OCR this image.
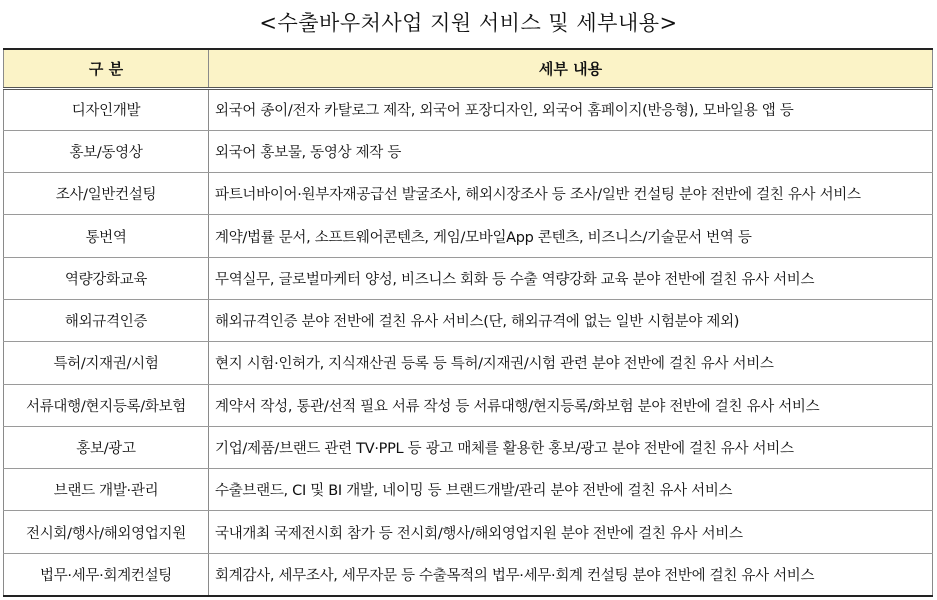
<수출바우처사업 지원 서비스 및 세부내용>
구 분	세부 내용
디자인개발	외국어 종이/전자 카탈로그 제작, 외국어 포장디자인, 외국어 홈페이지(반응형), 모바일용 앱 등
홍보/동영상	외국어 홍보물, 동영상 제작 등
조사/일반컨설팅	파트너바이어·원부자재공급선 발굴조사, 해외시장조사 등 조사/일반 컨설팅 분야 전반에 걸친 유사 서비스
통번역	계약/법률 문서, 소프트웨어콘텐츠, 게임/모바일App 콘텐츠, 비즈니스/기술문서 번역 등
역량강화교육	무역실무, 글로벌마케터 양성, 비즈니스 회화 등 수출 역량강화 교육 분야 전반에 걸친 유사 서비스
해외규격인증	해외규격인증 분야 전반에 걸친 유사 서비스(단, 해외규격에 없는 일반 시험분야 제외)
특허/지재권/시험	현지 시험·인허가, 지식재산권 등록 등 특허/지재권/시험 관련 분야 전반에 걸친 유사 서비스
서류대행/현지등록/화보험	계약서 작성, 통관/선적 필요 서류 작성 등 서류대행/현지등록/화보험 분야 전반에 걸친 유사 서비스
홍보/광고	기업/제품/브랜드 관련 TV·PPL 등 광고 매체를 활용한 홍보/광고 분야 전반에 걸친 유사 서비스
브랜드 개발·관리	수출브랜드, CI 및 BI 개발, 네이밍 등 브랜드개발/관리 분야 전반에 걸친 유사 서비스
전시회/행사/해외영업지원	국내개최 국제전시회 참가 등 전시회/행사/해외영업지원 분야 전반에 걸친 유사 서비스
법무·세무·회계컨설팅	회계감사, 세무조사, 세무자문 등 수출목적의 법무·세무·회계 컨설팅 분야 전반에 걸친 유사 서비스
